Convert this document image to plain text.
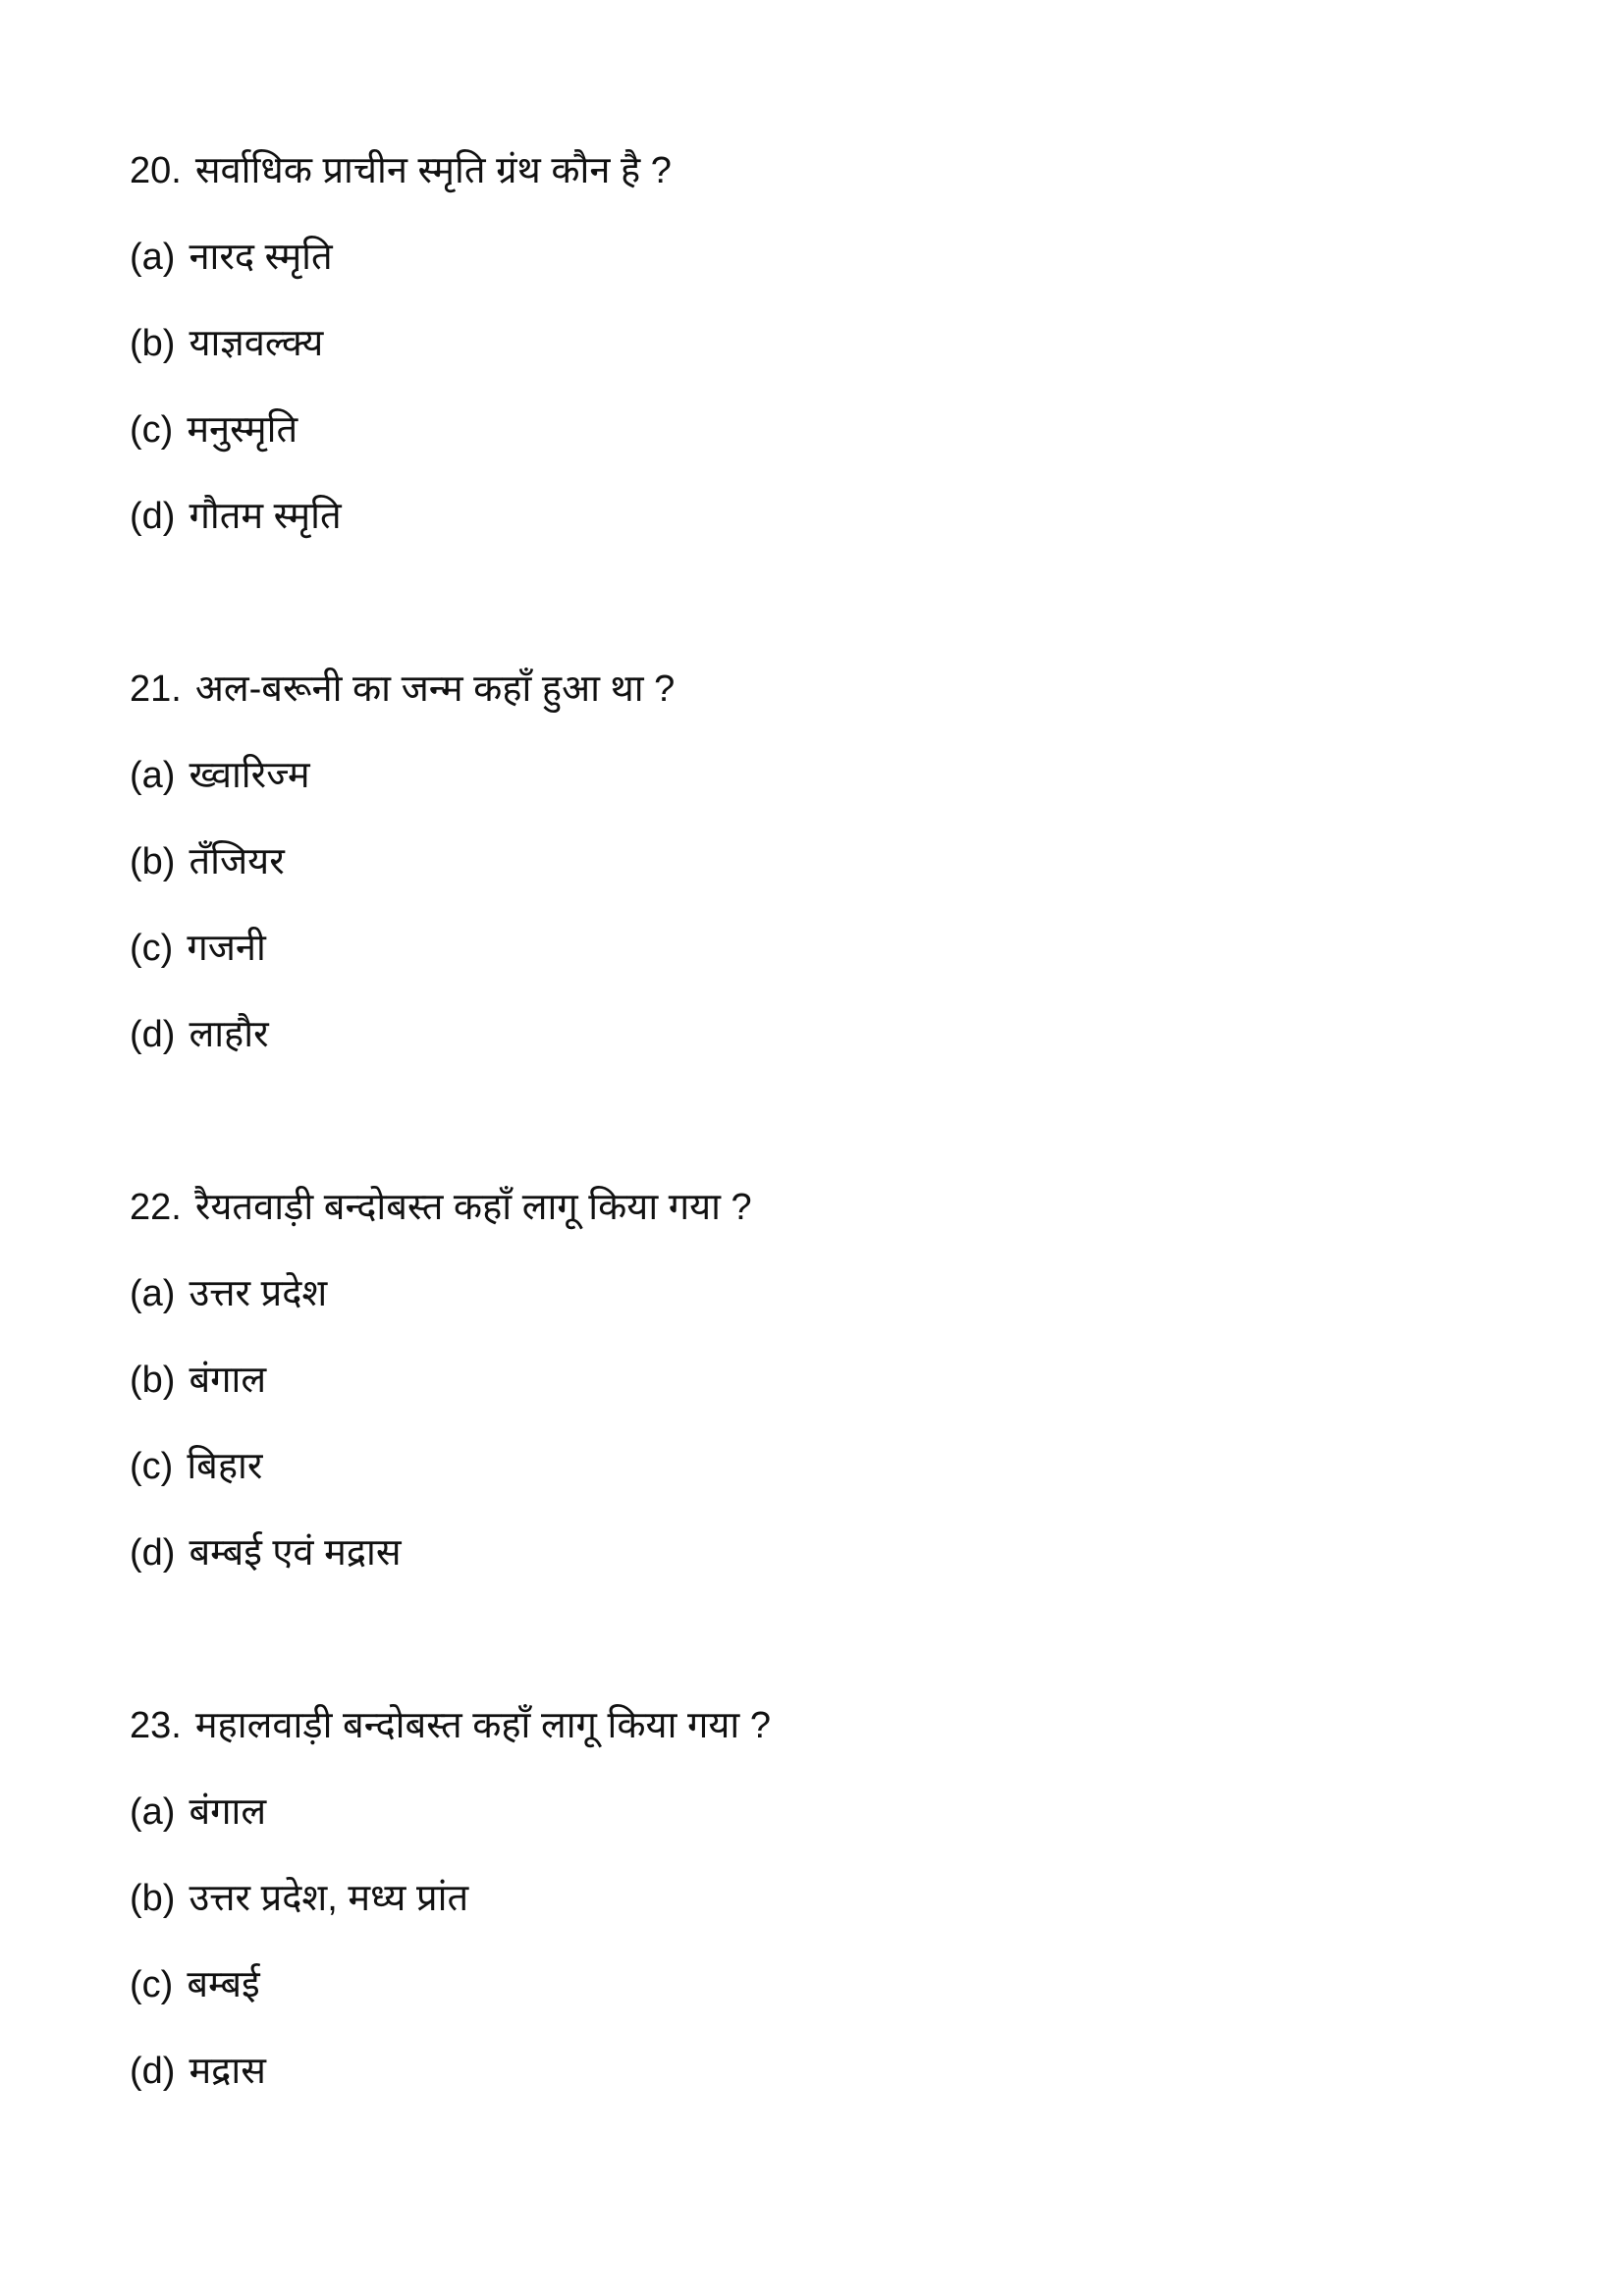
20. सर्वाधिक प्राचीन स्मृति ग्रंथ कौन है ?
(a) नारद स्मृति
(b) याज्ञवल्क्य
(c) मनुस्मृति
(d) गौतम स्मृति
21. अल-बरूनी का जन्म कहाँ हुआ था ?
(a) ख्वारिज्म
(b) तँजियर
(c) गजनी
(d) लाहौर
22. रैयतवाड़ी बन्दोबस्त कहाँ लागू किया गया ?
(a) उत्तर प्रदेश
(b) बंगाल
(c) बिहार
(d) बम्बई एवं मद्रास
23. महालवाड़ी बन्दोबस्त कहाँ लागू किया गया ?
(a) बंगाल
(b) उत्तर प्रदेश, मध्य प्रांत
(c) बम्बई
(d) मद्रास
